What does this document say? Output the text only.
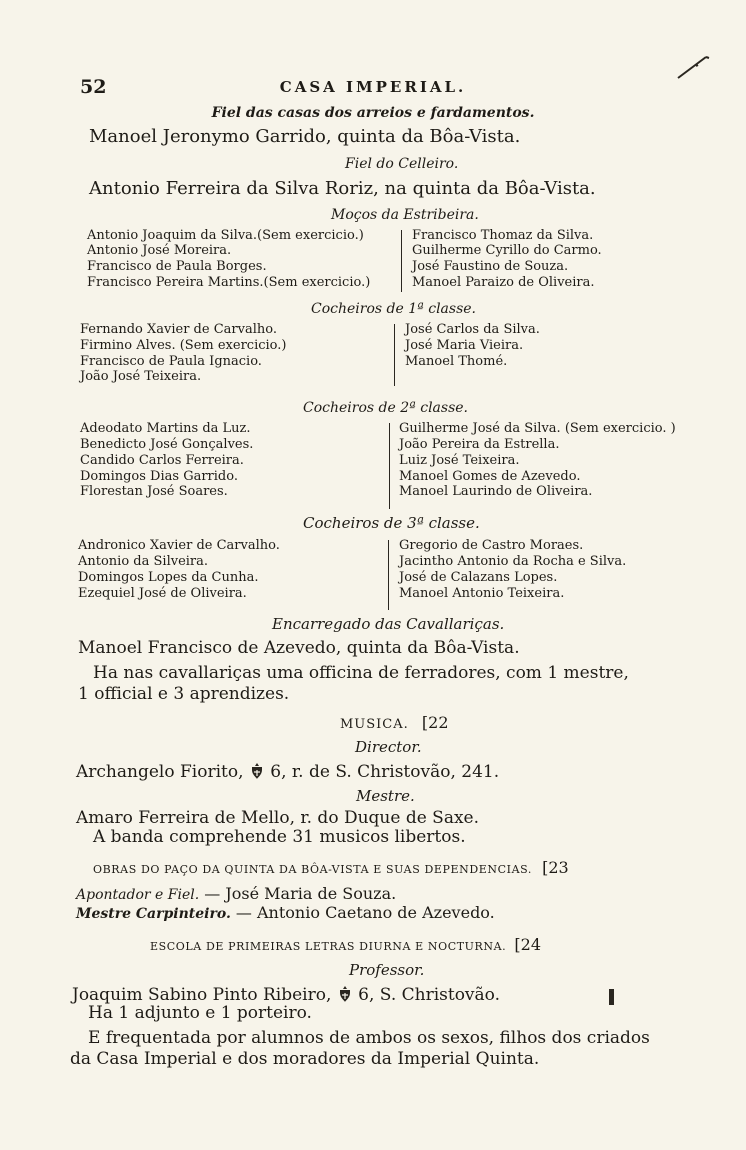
52	CASA IMPERIAL.
Fiel das casas dos arreios e fardamentos.
Manoel Jeronymo Garrido, quinta da Bôa-Vista.
Fiel do Celleiro.
Antonio Ferreira da Silva Roriz, na quinta da Bôa-Vista.
Moços da Estribeira.
Antonio Joaquim da Silva.(Sem exercicio.)
Antonio José Moreira.
Francisco de Paula Borges.
Francisco Pereira Martins.(Sem exercicio.)
Francisco Thomaz da Silva.
Guilherme Cyrillo do Carmo.
José Faustino de Souza.
Manoel Paraizo de Oliveira.
Cocheiros de 1ª classe.
Fernando Xavier de Carvalho.
Firmino Alves. (Sem exercicio.)
Francisco de Paula Ignacio.
João José Teixeira.
José Carlos da Silva.
José Maria Vieira.
Manoel Thomé.
Cocheiros de 2ª classe.
Adeodato Martins da Luz.
Benedicto José Gonçalves.
Candido Carlos Ferreira.
Domingos Dias Garrido.
Florestan José Soares.
Guilherme José da Silva. (Sem exercicio. )
João Pereira da Estrella.
Luiz José Teixeira.
Manoel Gomes de Azevedo.
Manoel Laurindo de Oliveira.
Cocheiros de 3ª classe.
Andronico Xavier de Carvalho.
Antonio da Silveira.
Domingos Lopes da Cunha.
Ezequiel José de Oliveira.
Gregorio de Castro Moraes.
Jacintho Antonio da Rocha e Silva.
José de Calazans Lopes.
Manoel Antonio Teixeira.
Encarregado das Cavallariças.
Manoel Francisco de Azevedo, quinta da Bôa-Vista.
Ha nas cavallariças uma officina de ferradores, com 1 mestre,
1 official e 3 aprendizes.
MUSICA. [22
Director.
Archangelo Fiorito,  6, r. de S. Christovão, 241.
Mestre.
Amaro Ferreira de Mello, r. do Duque de Saxe.
A banda comprehende 31 musicos libertos.
OBRAS DO PAÇO DA QUINTA DA BÔA-VISTA E SUAS DEPENDENCIAS. [23
Apontador e Fiel. — José Maria de Souza.
Mestre Carpinteiro. — Antonio Caetano de Azevedo.
ESCOLA DE PRIMEIRAS LETRAS DIURNA E NOCTURNA. [24
Professor.
Joaquim Sabino Pinto Ribeiro,  6, S. Christovão.
Ha 1 adjunto e 1 porteiro.
E frequentada por alumnos de ambos os sexos, filhos dos criados
da Casa Imperial e dos moradores da Imperial Quinta.
